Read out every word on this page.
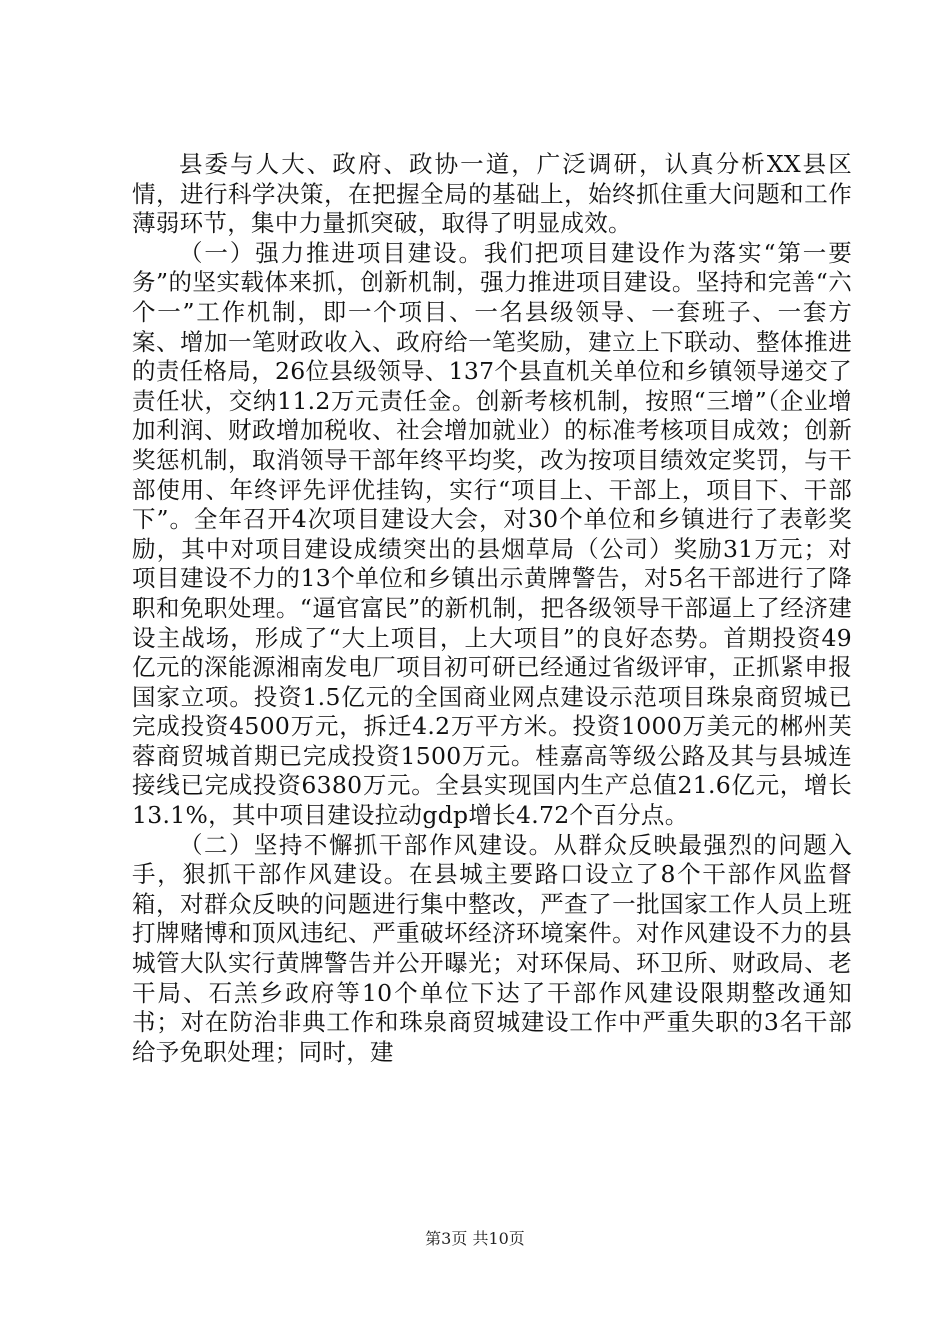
县委与人大、政府、政协一道，广泛调研，认真分析XX县区情，进行科学决策，在把握全局的基础上，始终抓住重大问题和工作薄弱环节，集中力量抓突破，取得了明显成效。

（一）强力推进项目建设。我们把项目建设作为落实“第一要务”的坚实载体来抓，创新机制，强力推进项目建设。坚持和完善“六个一”工作机制，即一个项目、一名县级领导、一套班子、一套方案、增加一笔财政收入、政府给一笔奖励，建立上下联动、整体推进的责任格局，26位县级领导、137个县直机关单位和乡镇领导递交了责任状，交纳11.2万元责任金。创新考核机制，按照“三增”（企业增加利润、财政增加税收、社会增加就业）的标准考核项目成效；创新奖惩机制，取消领导干部年终平均奖，改为按项目绩效定奖罚，与干部使用、年终评先评优挂钩，实行“项目上、干部上，项目下、干部下”。全年召开4次项目建设大会，对30个单位和乡镇进行了表彰奖励，其中对项目建设成绩突出的县烟草局（公司）奖励31万元；对项目建设不力的13个单位和乡镇出示黄牌警告，对5名干部进行了降职和免职处理。“逼官富民”的新机制，把各级领导干部逼上了经济建设主战场，形成了“大上项目，上大项目”的良好态势。首期投资49亿元的深能源湘南发电厂项目初可研已经通过省级评审，正抓紧申报国家立项。投资1.5亿元的全国商业网点建设示范项目珠泉商贸城已完成投资4500万元，拆迁4.2万平方米。投资1000万美元的郴州芙蓉商贸城首期已完成投资1500万元。桂嘉高等级公路及其与县城连接线已完成投资6380万元。全县实现国内生产总值21.6亿元，增长13.1%，其中项目建设拉动gdp增长4.72个百分点。

（二）坚持不懈抓干部作风建设。从群众反映最强烈的问题入手，狠抓干部作风建设。在县城主要路口设立了8个干部作风监督箱，对群众反映的问题进行集中整改，严查了一批国家工作人员上班打牌赌博和顶风违纪、严重破坏经济环境案件。对作风建设不力的县城管大队实行黄牌警告并公开曝光；对环保局、环卫所、财政局、老干局、石羔乡政府等10个单位下达了干部作风建设限期整改通知书；对在防治非典工作和珠泉商贸城建设工作中严重失职的3名干部给予免职处理；同时，建

第3页 共10页
